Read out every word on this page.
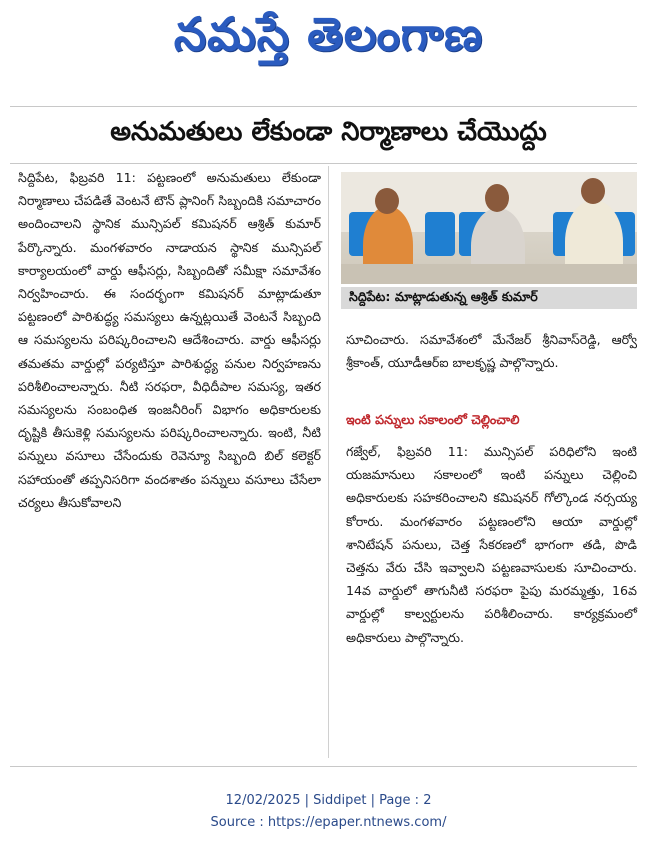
నమస్తే తెలంగాణ
అనుమతులు లేకుండా నిర్మాణాలు చేయొద్దు
సిద్దిపేట, ఫిబ్రవరి 11: పట్టణంలో అనుమతులు లేకుండా నిర్మాణాలు చేపడితే వెంటనే టౌన్ ప్లానింగ్ సిబ్బందికి సమాచారం అందించాలని స్థానిక మున్సిపల్ కమిషనర్ ఆశ్రిత్ కుమార్ పేర్కొన్నారు. మంగళవారం నాడాయన స్థానిక మున్సిపల్ కార్యాలయంలో వార్డు ఆఫీసర్లు, సిబ్బందితో సమీక్షా సమావేశం నిర్వహించారు. ఈ సందర్భంగా కమిషనర్ మాట్లాడుతూ పట్టణంలో పారిశుద్ధ్య సమస్యలు ఉన్నట్లయితే వెంటనే సిబ్బంది ఆ సమస్యలను పరిష్కరించాలని ఆదేశించారు. వార్డు ఆఫీసర్లు తమతమ వార్డుల్లో పర్యటిస్తూ పారిశుద్ధ్య పనుల నిర్వహణను పరిశీలించాలన్నారు. నీటి సరఫరా, వీధిదీపాల సమస్య, ఇతర సమస్యలను సంబంధిత ఇంజనీరింగ్ విభాగం అధికారులకు దృష్టికి తీసుకెళ్లి సమస్యలను పరిష్కరించాలన్నారు. ఇంటి, నీటి పన్నులు వసూలు చేసేందుకు రెవెన్యూ సిబ్బంది బిల్ కలెక్టర్ సహాయంతో తప్పనిసరిగా వందశాతం పన్నులు వసూలు చేసేలా చర్యలు తీసుకోవాలని
సిద్దిపేట: మాట్లాడుతున్న ఆశ్రిత్ కుమార్
సూచించారు. సమావేశంలో మేనేజర్ శ్రీనివాస్‌రెడ్డి, ఆర్వో శ్రీకాంత్, యూడీఆర్ఐ బాలకృష్ణ పాల్గొన్నారు.
ఇంటి పన్నులు సకాలంలో చెల్లించాలి
గజ్వేల్, ఫిబ్రవరి 11: మున్సిపల్ పరిధిలోని ఇంటి యజమానులు సకాలంలో ఇంటి పన్నులు చెల్లించి అధికారులకు సహకరించాలని కమిషనర్ గోల్కొండ నర్సయ్య కోరారు. మంగళవారం పట్టణంలోని ఆయా వార్డుల్లో శానిటేషన్ పనులు, చెత్త సేకరణలో భాగంగా తడి, పొడి చెత్తను వేరు చేసి ఇవ్వాలని పట్టణవాసులకు సూచించారు. 14వ వార్డులో తాగునీటి సరఫరా పైపు మరమ్మత్తు, 16వ వార్డుల్లో కాల్వర్టులను పరిశీలించారు. కార్యక్రమంలో అధికారులు పాల్గొన్నారు.
12/02/2025 | Siddipet | Page : 2
Source : https://epaper.ntnews.com/
